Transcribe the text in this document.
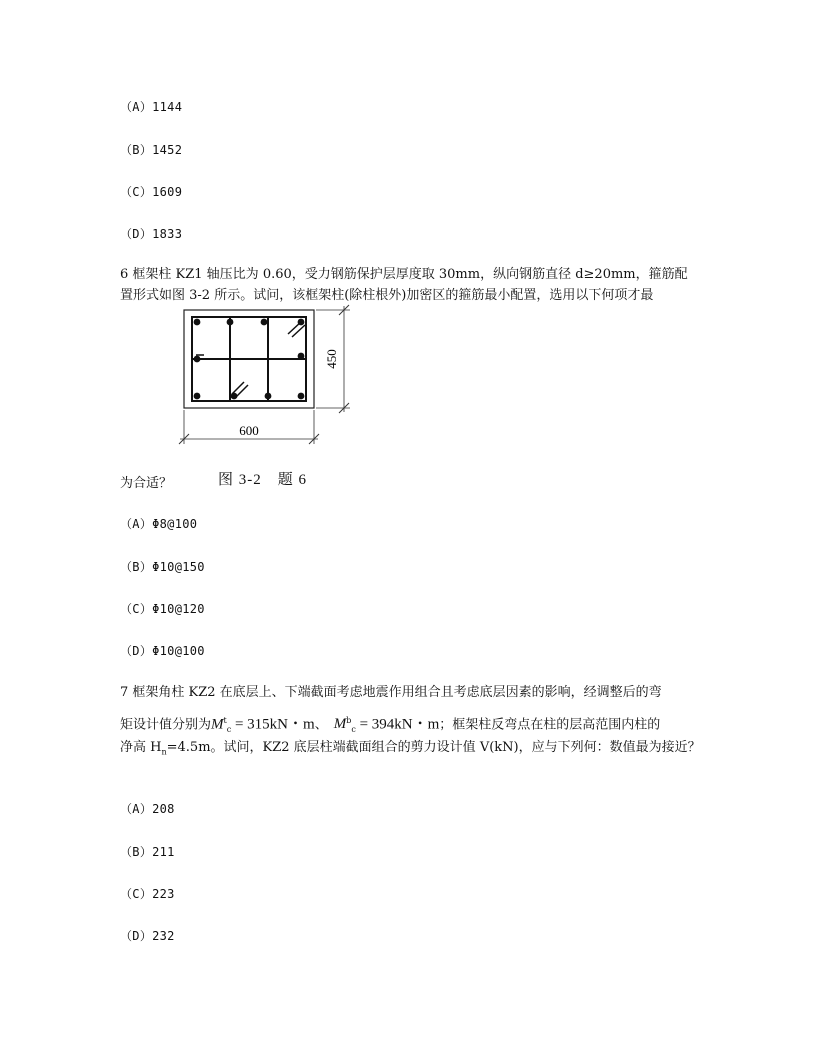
（A）1144
（B）1452
（C）1609
（D）1833
6 框架柱 KZ1 轴压比为 0.60，受力钢筋保护层厚度取 30mm，纵向钢筋直径 d≥20mm，箍筋配
置形式如图 3-2 所示。试问，该框架柱(除柱根外)加密区的箍筋最小配置，选用以下何项才最
450
600
为合适？	图 3-2　题 6
（A）Φ8@100
（B）Φ10@150
（C）Φ10@120
（D）Φ10@100
7 框架角柱 KZ2 在底层上、下端截面考虑地震作用组合且考虑底层因素的影响，经调整后的弯
矩设计值分别为$M^t_c = 315kN$・m、 $M^b_c = 394kN$・m；框架柱反弯点在柱的层高范围内柱的
净高 $H_n=4.5m$。试问，KZ2 底层柱端截面组合的剪力设计值 V(kN)，应与下列何：数值最为接近？
（A）208
（B）211
（C）223
（D）232
